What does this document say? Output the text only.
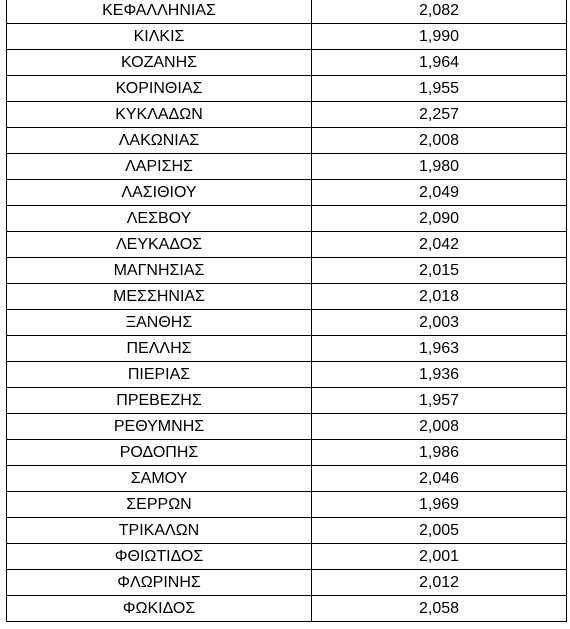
ΚΕΦΑΛΛΗΝΙΑΣ	2,082
ΚΙΛΚΙΣ	1,990
ΚΟΖΑΝΗΣ	1,964
ΚΟΡΙΝΘΙΑΣ	1,955
ΚΥΚΛΑΔΩΝ	2,257
ΛΑΚΩΝΙΑΣ	2,008
ΛΑΡΙΣΗΣ	1,980
ΛΑΣΙΘΙΟΥ	2,049
ΛΕΣΒΟΥ	2,090
ΛΕΥΚΑΔΟΣ	2,042
ΜΑΓΝΗΣΙΑΣ	2,015
ΜΕΣΣΗΝΙΑΣ	2,018
ΞΑΝΘΗΣ	2,003
ΠΕΛΛΗΣ	1,963
ΠΙΕΡΙΑΣ	1,936
ΠΡΕΒΕΖΗΣ	1,957
ΡΕΘΥΜΝΗΣ	2,008
ΡΟΔΟΠΗΣ	1,986
ΣΑΜΟΥ	2,046
ΣΕΡΡΩΝ	1,969
ΤΡΙΚΑΛΩΝ	2,005
ΦΘΙΩΤΙΔΟΣ	2,001
ΦΛΩΡΙΝΗΣ	2,012
ΦΩΚΙΔΟΣ	2,058
